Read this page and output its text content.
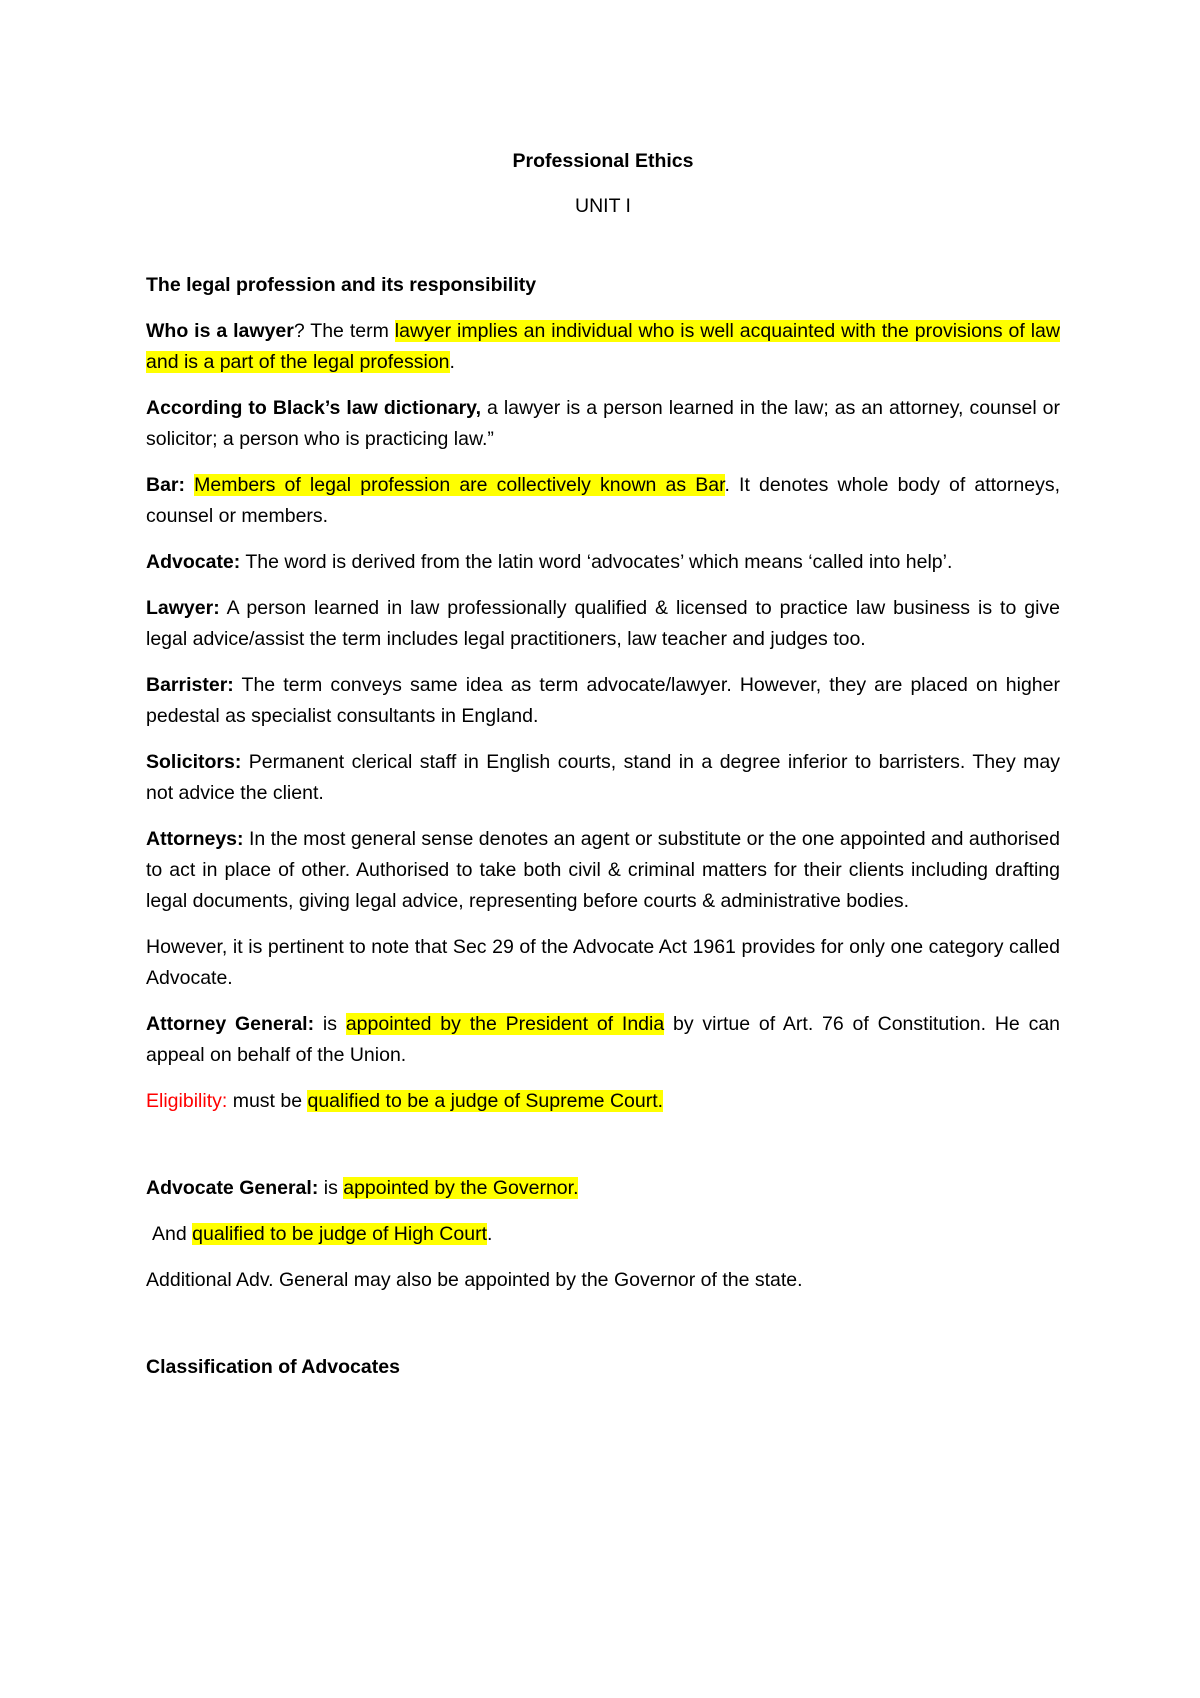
Professional Ethics

UNIT I

The legal profession and its responsibility

Who is a lawyer? The term lawyer implies an individual who is well acquainted with the provisions of law and is a part of the legal profession.

According to Black’s law dictionary, a lawyer is a person learned in the law; as an attorney, counsel or solicitor; a person who is practicing law.”

Bar: Members of legal profession are collectively known as Bar. It denotes whole body of attorneys, counsel or members.

Advocate: The word is derived from the latin word ‘advocates’ which means ‘called into help’.

Lawyer: A person learned in law professionally qualified & licensed to practice law business is to give legal advice/assist the term includes legal practitioners, law teacher and judges too.

Barrister: The term conveys same idea as term advocate/lawyer. However, they are placed on higher pedestal as specialist consultants in England.

Solicitors: Permanent clerical staff in English courts, stand in a degree inferior to barristers. They may not advice the client.

Attorneys: In the most general sense denotes an agent or substitute or the one appointed and authorised to act in place of other. Authorised to take both civil & criminal matters for their clients including drafting legal documents, giving legal advice, representing before courts & administrative bodies.

However, it is pertinent to note that Sec 29 of the Advocate Act 1961 provides for only one category called Advocate.

Attorney General: is appointed by the President of India by virtue of Art. 76 of Constitution. He can appeal on behalf of the Union.

Eligibility: must be qualified to be a judge of Supreme Court.

Advocate General: is appointed by the Governor.

And qualified to be judge of High Court.

Additional Adv. General may also be appointed by the Governor of the state.

Classification of Advocates
